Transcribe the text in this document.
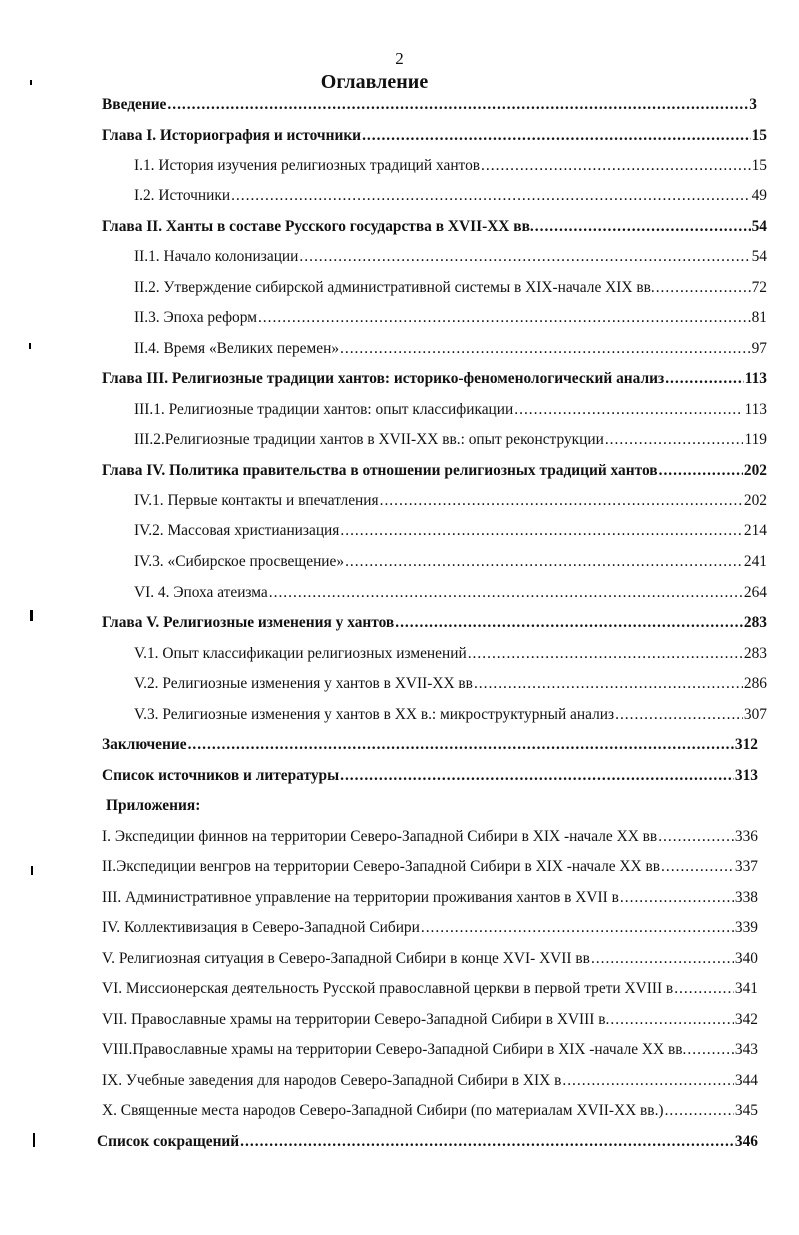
2
Оглавление
Введение .....	3
Глава I. Историография и источники .....	15
I.1. История изучения религиозных традиций хантов .....	15
I.2. Источники .....	49
Глава II. Ханты в составе Русского государства в XVII-XX вв. .....	54
II.1. Начало колонизации .....	54
II.2. Утверждение сибирской административной системы в XIX-начале XIX вв. .....	72
II.3. Эпоха реформ .....	81
II.4. Время «Великих перемен» .....	97
Глава III. Религиозные традиции хантов: историко-феноменологический анализ .....	113
III.1. Религиозные традиции хантов: опыт классификации .....	113
III.2.Религиозные традиции хантов в XVII-XX вв.: опыт реконструкции .....	119
Глава IV. Политика правительства в отношении религиозных традиций хантов .....	202
IV.1. Первые контакты и впечатления .....	202
IV.2. Массовая христианизация .....	214
IV.3. «Сибирское просвещение» .....	241
VI. 4. Эпоха атеизма .....	264
Глава V. Религиозные изменения у хантов .....	283
V.1. Опыт классификации религиозных изменений .....	283
V.2. Религиозные изменения у хантов в XVII-XX вв .....	286
V.3. Религиозные изменения у хантов в XX в.: микроструктурный анализ .....	307
Заключение .....	312
Список источников и литературы .....	313
Приложения:
I. Экспедиции финнов на территории Северо-Западной Сибири в XIX -начале XX вв .....	336
II.Экспедиции венгров на территории Северо-Западной Сибири в XIX -начале XX вв .....	337
III. Административное управление на территории проживания хантов в XVII в .....	338
IV. Коллективизация в Северо-Западной Сибири .....	339
V. Религиозная ситуация в Северо-Западной Сибири в конце XVI- XVII вв .....	340
VI. Миссионерская деятельность Русской православной церкви в первой трети XVIII в .....	341
VII. Православные храмы на территории Северо-Западной Сибири в XVIII в. .....	342
VIII.Православные храмы на территории Северо-Западной Сибири в XIX -начале XX вв. .....	343
IX. Учебные заведения для народов Северо-Западной Сибири в XIX в .....	344
X. Священные места народов Северо-Западной Сибири (по материалам XVII-XX вв.) .....	345
Список сокращений .....	346
